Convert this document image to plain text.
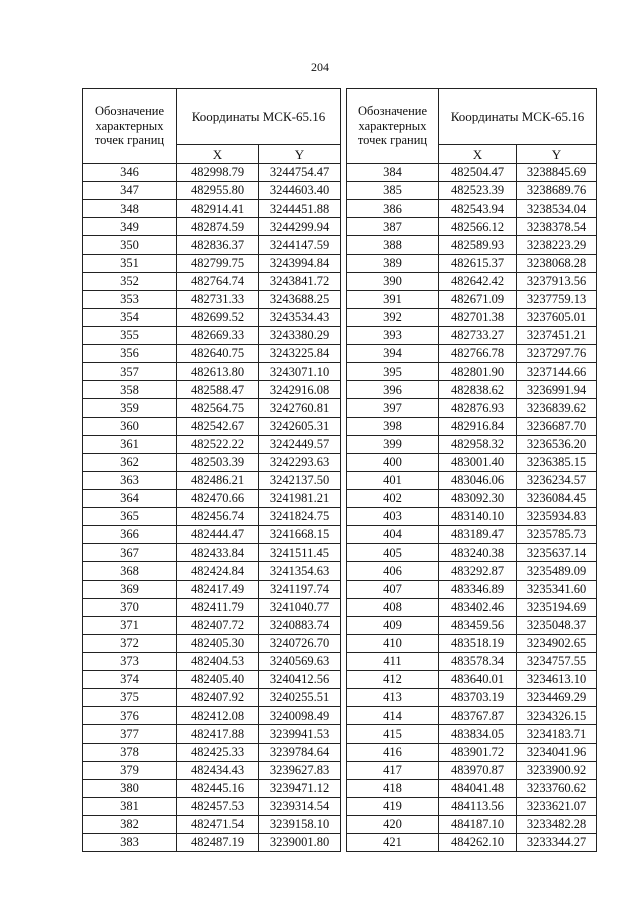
204
Обозначение характерных точек границ	Координаты МСК-65.16	
	X	Y
346	482998.79	3244754.47
347	482955.80	3244603.40
348	482914.41	3244451.88
349	482874.59	3244299.94
350	482836.37	3244147.59
351	482799.75	3243994.84
352	482764.74	3243841.72
353	482731.33	3243688.25
354	482699.52	3243534.43
355	482669.33	3243380.29
356	482640.75	3243225.84
357	482613.80	3243071.10
358	482588.47	3242916.08
359	482564.75	3242760.81
360	482542.67	3242605.31
361	482522.22	3242449.57
362	482503.39	3242293.63
363	482486.21	3242137.50
364	482470.66	3241981.21
365	482456.74	3241824.75
366	482444.47	3241668.15
367	482433.84	3241511.45
368	482424.84	3241354.63
369	482417.49	3241197.74
370	482411.79	3241040.77
371	482407.72	3240883.74
372	482405.30	3240726.70
373	482404.53	3240569.63
374	482405.40	3240412.56
375	482407.92	3240255.51
376	482412.08	3240098.49
377	482417.88	3239941.53
378	482425.33	3239784.64
379	482434.43	3239627.83
380	482445.16	3239471.12
381	482457.53	3239314.54
382	482471.54	3239158.10
383	482487.19	3239001.80
Обозначение характерных точек границ	Координаты МСК-65.16	
	X	Y
384	482504.47	3238845.69
385	482523.39	3238689.76
386	482543.94	3238534.04
387	482566.12	3238378.54
388	482589.93	3238223.29
389	482615.37	3238068.28
390	482642.42	3237913.56
391	482671.09	3237759.13
392	482701.38	3237605.01
393	482733.27	3237451.21
394	482766.78	3237297.76
395	482801.90	3237144.66
396	482838.62	3236991.94
397	482876.93	3236839.62
398	482916.84	3236687.70
399	482958.32	3236536.20
400	483001.40	3236385.15
401	483046.06	3236234.57
402	483092.30	3236084.45
403	483140.10	3235934.83
404	483189.47	3235785.73
405	483240.38	3235637.14
406	483292.87	3235489.09
407	483346.89	3235341.60
408	483402.46	3235194.69
409	483459.56	3235048.37
410	483518.19	3234902.65
411	483578.34	3234757.55
412	483640.01	3234613.10
413	483703.19	3234469.29
414	483767.87	3234326.15
415	483834.05	3234183.71
416	483901.72	3234041.96
417	483970.87	3233900.92
418	484041.48	3233760.62
419	484113.56	3233621.07
420	484187.10	3233482.28
421	484262.10	3233344.27
